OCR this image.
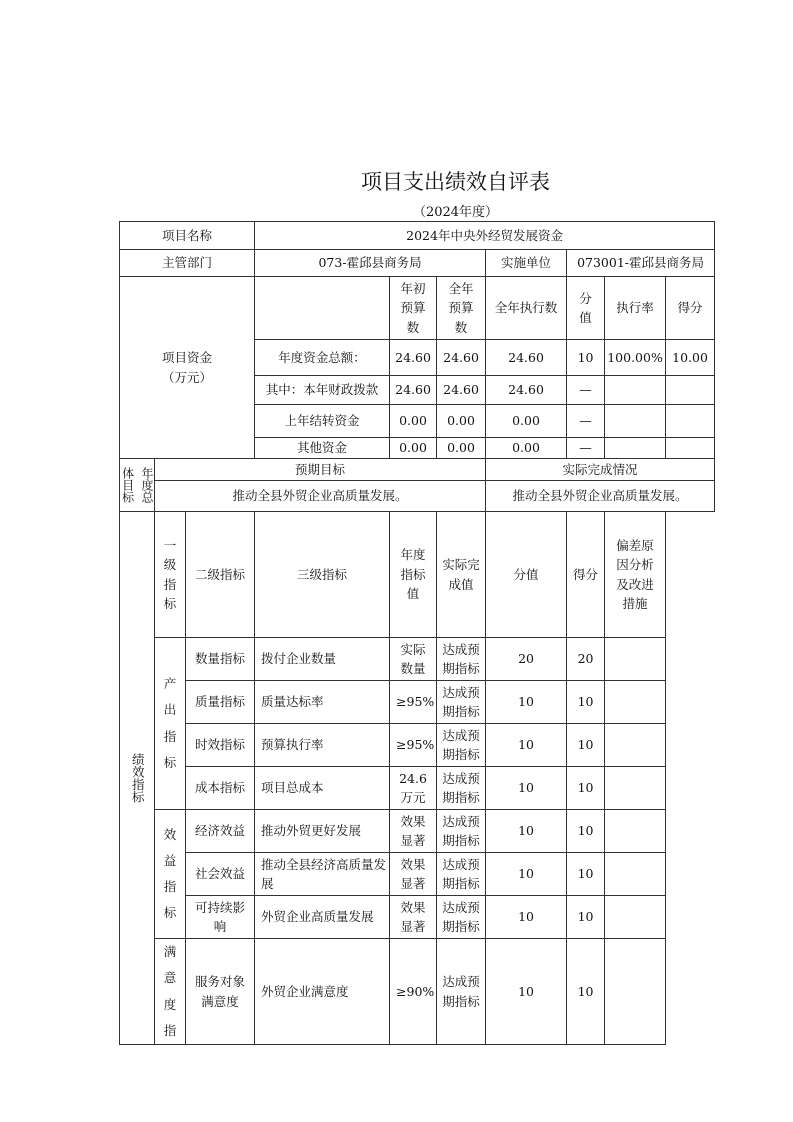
项目支出绩效自评表
（2024年度）
项目名称			2024年中央外经贸发展资金						
主管部门			073-霍邱县商务局			实施单位	073001-霍邱县商务局		

项目资金
（万元）				年初预算数	全年预算数	全年执行数	分值	执行率	得分
			年度资金总额：	24.60	24.60	24.60	10	100.00%	10.00
			其中：本年财政拨款	24.60	24.60	24.60	—		
			上年结转资金	0.00	0.00	0.00	—		
			其他资金	0.00	0.00	0.00	—		

体目标 年度总	预期目标					实际完成情况			
	推动全县外贸企业高质量发展。					推动全县外贸企业高质量发展。			

绩效指标	一级指标	二级指标	三级指标	年度指标值	实际完成值	分值	得分	偏差原因分析及改进措施	
	产出指标	数量指标	拨付企业数量	实际数量	达成预期指标	20	20		
		质量指标	质量达标率	≥95%	达成预期指标	10	10		
		时效指标	预算执行率	≥95%	达成预期指标	10	10		
		成本指标	项目总成本	24.6万元	达成预期指标	10	10		
	效益指标	经济效益	推动外贸更好发展	效果显著	达成预期指标	10	10		
		社会效益	推动全县经济高质量发展	效果显著	达成预期指标	10	10		
		可持续影响	外贸企业高质量发展	效果显著	达成预期指标	10	10		
	满意度指	服务对象满意度	外贸企业满意度	≥90%	达成预期指标	10	10		
